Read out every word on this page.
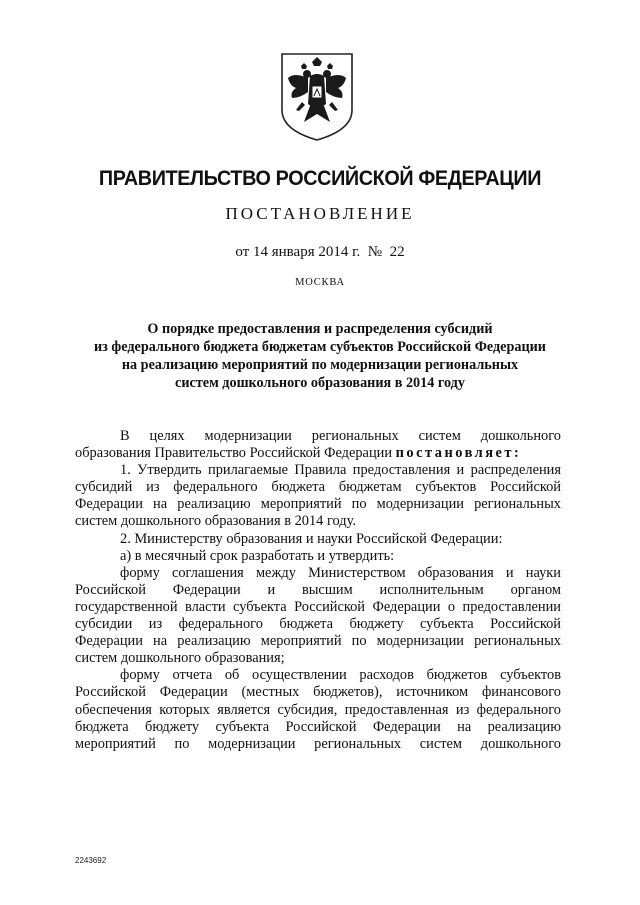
ПРАВИТЕЛЬСТВО РОССИЙСКОЙ ФЕДЕРАЦИИ
ПОСТАНОВЛЕНИЕ
от 14 января 2014 г.  №  22
МОСКВА
О порядке предоставления и распределения субсидий
из федерального бюджета бюджетам субъектов Российской Федерации
на реализацию мероприятий по модернизации региональных
систем дошкольного образования в 2014 году
В    целях    модернизации    региональных    систем    дошкольного
образования Правительство Российской Федерации постановляет:
1. Утвердить прилагаемые Правила предоставления и распределения
субсидий из федерального бюджета бюджетам субъектов Российской
Федерации на реализацию мероприятий по модернизации региональных
систем дошкольного образования в 2014 году.
2. Министерству образования и науки Российской Федерации:
а) в месячный срок разработать и утвердить:
форму соглашения между Министерством образования и науки
Российской    Федерации    и    высшим    исполнительным    органом
государственной власти субъекта Российской Федерации о предоставлении
субсидии из федерального бюджета бюджету субъекта Российской
Федерации на реализацию мероприятий по модернизации региональных
систем дошкольного образования;
форму отчета об осуществлении расходов бюджетов субъектов
Российской Федерации (местных бюджетов), источником финансового
обеспечения которых является субсидия, предоставленная из федерального
бюджета бюджету субъекта Российской Федерации на реализацию
мероприятий по модернизации региональных систем дошкольного
2243692
